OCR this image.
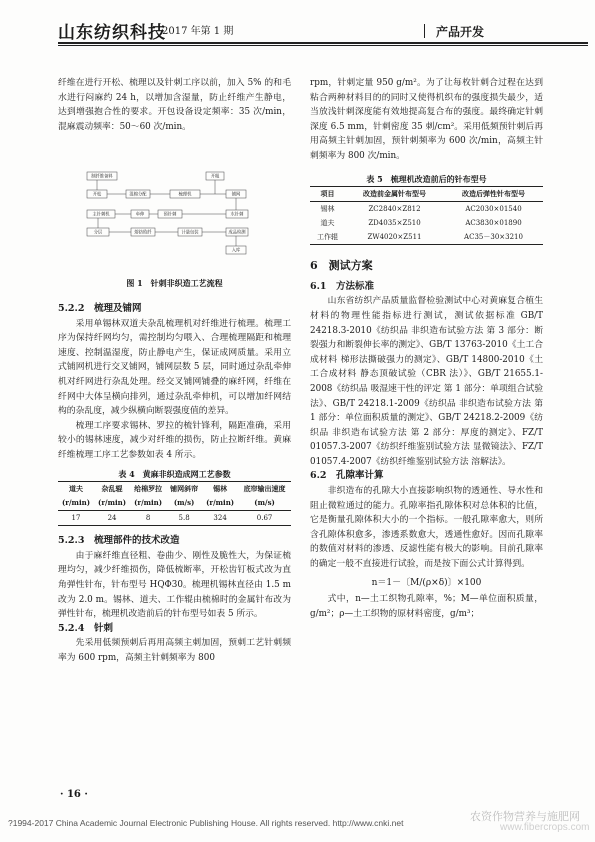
山东纺织科技
2017 年第 1 期	产品开发

纤维在进行开松、梳理以及针刺工序以前，加入 5% 的和毛水进行闷麻约 24 h，以增加含湿量，防止纤维产生静电，达到增强抱合性的要求。开包设备设定频率：35 次/min，混麻震动频率：50～60 次/min。

制纤维备料
开松	混棉分配	梳理机
开粗
铺网
主针刺机	牵伸	预针刺	水针刺
分层	熔纺给纤	计量包装	成品检测
入库
图 1　针刺非织造工艺流程

5.2.2　梳理及铺网

采用单锡林双道夫杂乱梳理机对纤维进行梳理。梳理工序为保持纤网均匀，需控制均匀喂入、合理梳理隔距和梳理速度、控制温湿度，防止静电产生，保证成网质量。采用立式铺网机进行交叉铺网，铺网层数 5 层，同时通过杂乱牵伸机对纤网进行杂乱处理。经交叉铺网铺叠的麻纤网，纤维在纤网中大体呈横向排列，通过杂乱牵伸机，可以增加纤网结构的杂乱度，减少纵横向断裂强度值的差异。

梳理工序要求锡林、罗拉的梳针锋利，隔距准确，采用较小的锡林速度，减少对纤维的损伤，防止拉断纤维。黄麻纤维梳理工序工艺参数如表 4 所示。

表 4　黄麻非织造成网工艺参数
道夫	杂乱辊	给棉罗拉	铺网斜帘	锡林	底帘输出速度
(r/min)	(r/min)	(r/min)	(m/s)	(r/min)	(m/s)
17	24	8	5.8	324	0.67

5.2.3　梳理部件的技术改造

由于麻纤维直径粗、卷曲少、刚性及脆性大，为保证梳理均匀，减少纤维损伤，降低梳断率，开松齿钉板式改为直角弹性针布，针布型号 HQΦ30。梳理机锡林直径由 1.5 m 改为 2.0 m。锡林、道夫、工作辊由梳棉时的金属针布改为弹性针布，梳理机改造前后的针布型号如表 5 所示。

5.2.4　针刺

先采用低频预刺后再用高频主刺加固，预刺工艺针刺频率为 600 rpm，高频主针刺频率为 800

· 16 ·

rpm，针刺定量 950 g/m²。为了让每枚针刺合过程在达到粘合两种材料目的的同时又使得机织布的强度损失最少，适当放浅针刺深度能有效地提高复合布的强度。最终确定针刺深度 6.5 mm，针刺密度 35 刺/cm²。采用低频预针刺后再用高频主针刺加固，预针刺频率为 600 次/min，高频主针刺频率为 800 次/min。

表 5　梳理机改造前后的针布型号
项目	改造前金属针布型号	改造后弹性针布型号
锡林	ZC2840×Z812	AC2030×01540
道夫	ZD4035×Z510	AC3830×01890
工作辊	ZW4020×Z511	AC35－30×3210

6　测试方案

6.1　方法标准

山东省纺织产品质量监督检验测试中心对黄麻复合植生材料的物理性能指标进行测试，测试依据标准 GB/T 24218.3-2010《纺织品 非织造布试验方法 第 3 部分：断裂强力和断裂伸长率的测定》、GB/T 13763-2010《土工合成材料 梯形法撕破强力的测定》、GB/T 14800-2010《土工合成材料 静态顶破试验（CBR 法）》、GB/T 21655.1-2008《纺织品 吸湿速干性的评定 第 1 部分：单项组合试验法》、GB/T 24218.1-2009《纺织品 非织造布试验方法 第 1 部分：单位面积质量的测定》、GB/T 24218.2-2009《纺织品 非织造布试验方法 第 2 部分：厚度的测定》、FZ/T 01057.3-2007《纺织纤维鉴别试验方法 显微镜法》、FZ/T 01057.4-2007《纺织纤维鉴别试验方法 溶解法》。

6.2　孔隙率计算

非织造布的孔隙大小直接影响织物的透通性、导水性和阻止微粒通过的能力。孔隙率指孔隙体积对总体积的比值，它是衡量孔隙体积大小的一个指标。一般孔隙率愈大，则所含孔隙体积愈多，渗透系数愈大，透通性愈好。因而孔隙率的数值对材料的渗透、反滤性能有极大的影响。目前孔隙率的确定一般不直接进行试验，而是按下面公式计算得到。

n＝1－〔M/(ρ×δ)〕×100

式中，n—土工织物孔隙率，%；M—单位面积质量，g/m²；ρ—土工织物的原材料密度，g/m³；

?1994-2017 China Academic Journal Electronic Publishing House. All rights reserved. http://www.cnki.net	农资作物营养与施肥网
www.fibercrops.com
